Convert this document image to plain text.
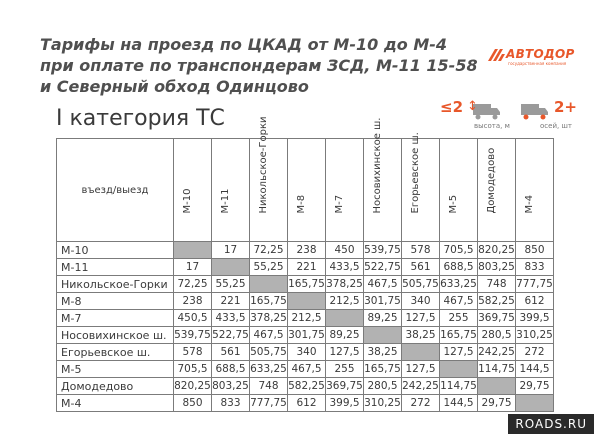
Тарифы на проезд по ЦКАД от М-10 до М-4
при оплате по транспондерам ЗСД, М-11 15-58
и Северный обход Одинцово
АВТОДОР
государственная компания
I категория ТС	≤2 ↕
высота, м
2+
осей, шт
въезд/выезд	М-10	М-11	Никольское-Горки	М-8	М-7	Носовихинское ш.	Егорьевское ш.	М-5	Домодедово	М-4

М-10		17	72,25	238	450	539,75	578	705,5	820,25	850
М-11	17		55,25	221	433,5	522,75	561	688,5	803,25	833
Никольское-Горки	72,25	55,25		165,75	378,25	467,5	505,75	633,25	748	777,75
М-8	238	221	165,75		212,5	301,75	340	467,5	582,25	612
М-7	450,5	433,5	378,25	212,5		89,25	127,5	255	369,75	399,5
Носовихинское ш.	539,75	522,75	467,5	301,75	89,25		38,25	165,75	280,5	310,25
Егорьевское ш.	578	561	505,75	340	127,5	38,25		127,5	242,25	272
М-5	705,5	688,5	633,25	467,5	255	165,75	127,5		114,75	144,5
Домодедово	820,25	803,25	748	582,25	369,75	280,5	242,25	114,75		29,75
М-4	850	833	777,75	612	399,5	310,25	272	144,5	29,75	
ROADS.RU
